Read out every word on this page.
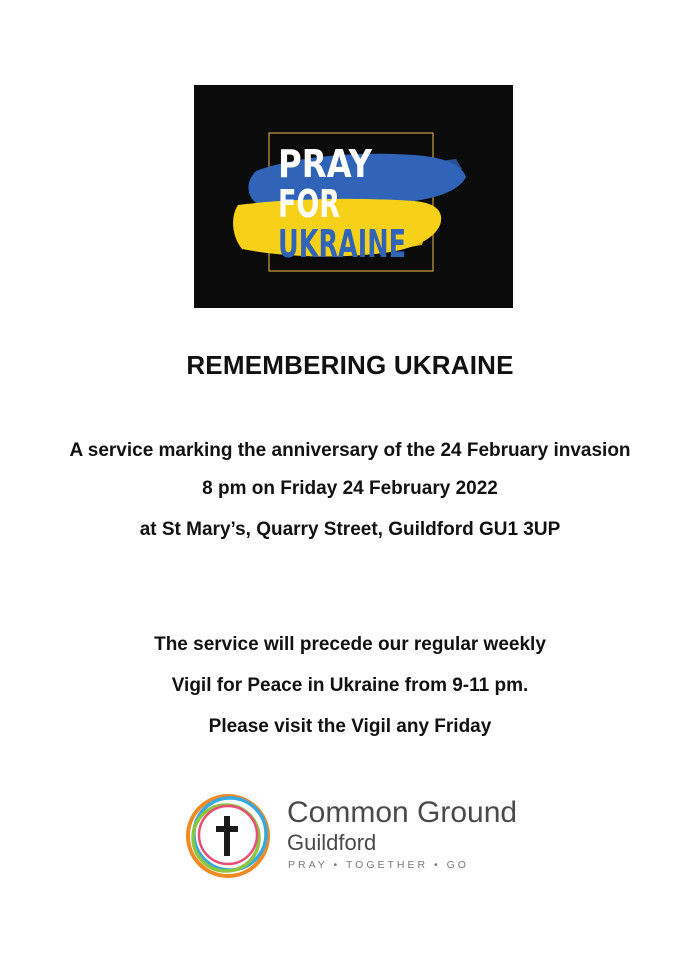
PRAY
FOR
UKRAINE
REMEMBERING UKRAINE

A service marking the anniversary of the 24 February invasion

8 pm on Friday 24 February 2022

at St Mary’s, Quarry Street, Guildford GU1 3UP

The service will precede our regular weekly

Vigil for Peace in Ukraine from 9-11 pm.

Please visit the Vigil any Friday

Common Ground
Guildford
PRAY • TOGETHER • GO
